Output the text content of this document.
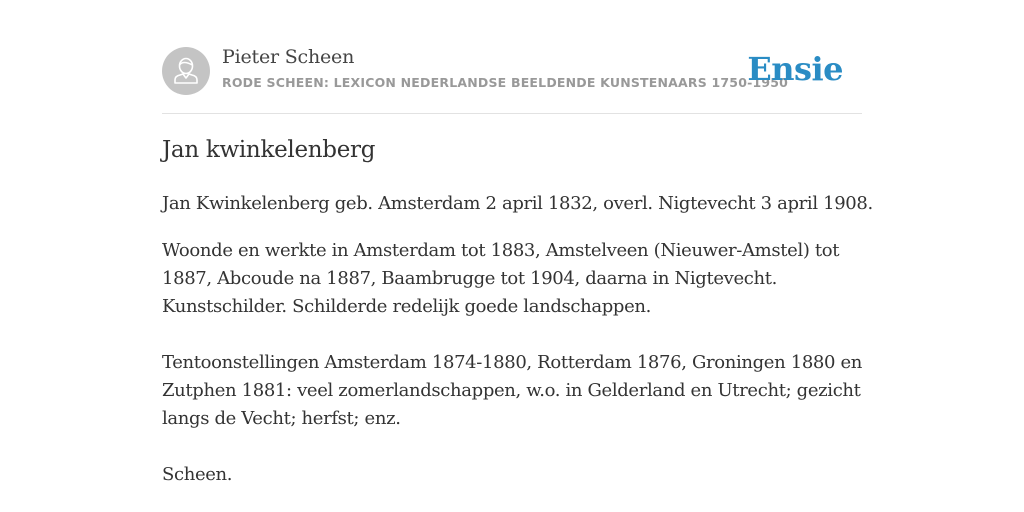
Pieter Scheen
RODE SCHEEN: LEXICON NEDERLANDSE BEELDENDE KUNSTENAARS 1750-1950
Ensie
Jan kwinkelenberg

Jan Kwinkelenberg geb. Amsterdam 2 april 1832, overl. Nigtevecht 3 april 1908.

Woonde en werkte in Amsterdam tot 1883, Amstelveen (Nieuwer-Amstel) tot
1887, Abcoude na 1887, Baambrugge tot 1904, daarna in Nigtevecht.
Kunstschilder. Schilderde redelijk goede landschappen.
Tentoonstellingen Amsterdam 1874-1880, Rotterdam 1876, Groningen 1880 en
Zutphen 1881: veel zomerlandschappen, w.o. in Gelderland en Utrecht; gezicht
langs de Vecht; herfst; enz.
Scheen.
